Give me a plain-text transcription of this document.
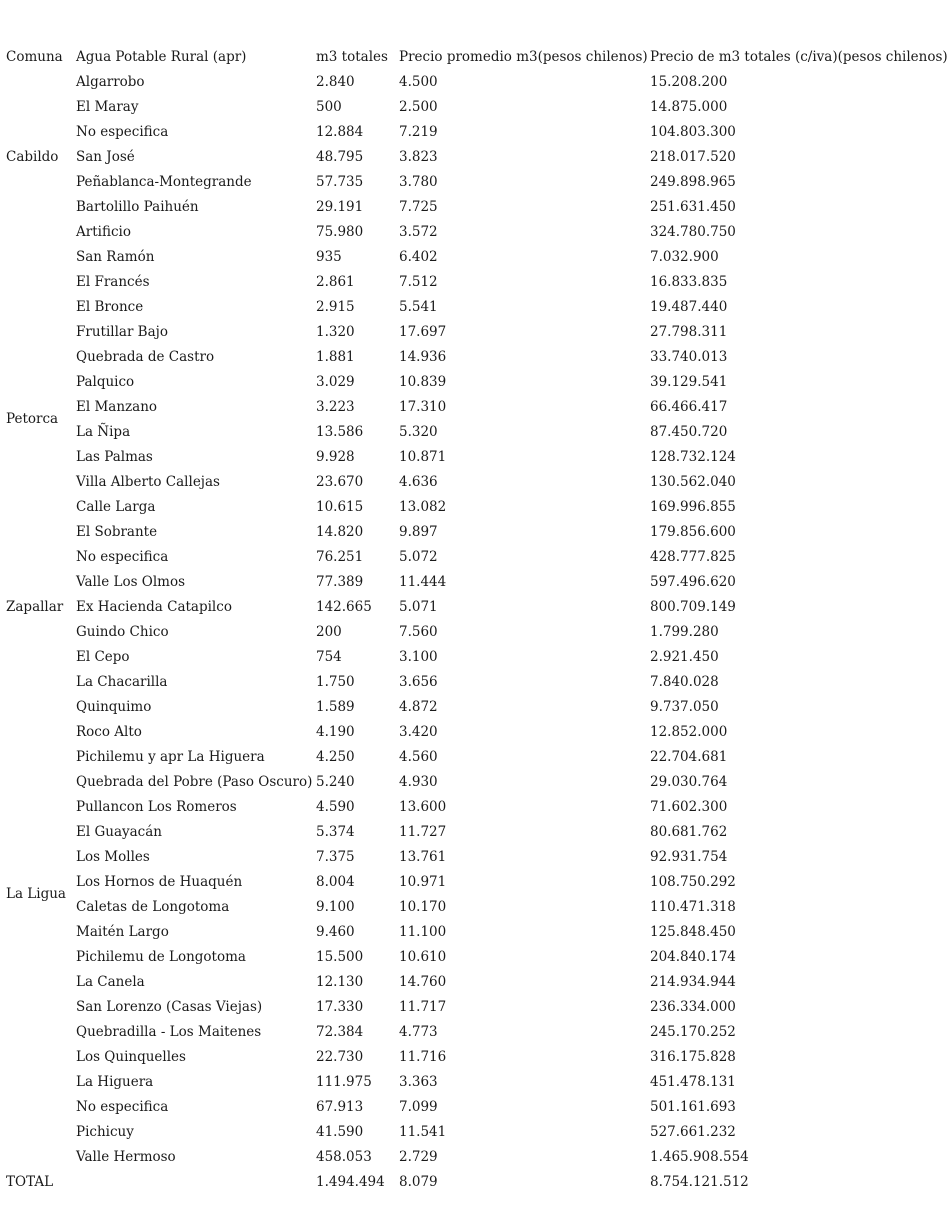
Comuna	Agua Potable Rural (apr)	m3 totales	Precio promedio m3(pesos chilenos)	Precio de m3 totales (c/iva)(pesos chilenos)
Cabildo	Algarrobo	2.840	4.500	15.208.200
	El Maray	500	2.500	14.875.000
	No especifica	12.884	7.219	104.803.300
	San José	48.795	3.823	218.017.520
	Peñablanca-Montegrande	57.735	3.780	249.898.965
	Bartolillo Paihuén	29.191	7.725	251.631.450
	Artificio	75.980	3.572	324.780.750
Petorca	San Ramón	935	6.402	7.032.900
	El Francés	2.861	7.512	16.833.835
	El Bronce	2.915	5.541	19.487.440
	Frutillar Bajo	1.320	17.697	27.798.311
	Quebrada de Castro	1.881	14.936	33.740.013
	Palquico	3.029	10.839	39.129.541
	El Manzano	3.223	17.310	66.466.417
	La Ñipa	13.586	5.320	87.450.720
	Las Palmas	9.928	10.871	128.732.124
	Villa Alberto Callejas	23.670	4.636	130.562.040
	Calle Larga	10.615	13.082	169.996.855
	El Sobrante	14.820	9.897	179.856.600
	No especifica	76.251	5.072	428.777.825
	Valle Los Olmos	77.389	11.444	597.496.620
Zapallar	Ex Hacienda Catapilco	142.665	5.071	800.709.149
La Ligua	Guindo Chico	200	7.560	1.799.280
	El Cepo	754	3.100	2.921.450
	La Chacarilla	1.750	3.656	7.840.028
	Quinquimo	1.589	4.872	9.737.050
	Roco Alto	4.190	3.420	12.852.000
	Pichilemu y apr La Higuera	4.250	4.560	22.704.681
	Quebrada del Pobre (Paso Oscuro)	5.240	4.930	29.030.764
	Pullancon Los Romeros	4.590	13.600	71.602.300
	El Guayacán	5.374	11.727	80.681.762
	Los Molles	7.375	13.761	92.931.754
	Los Hornos de Huaquén	8.004	10.971	108.750.292
	Caletas de Longotoma	9.100	10.170	110.471.318
	Maitén Largo	9.460	11.100	125.848.450
	Pichilemu de Longotoma	15.500	10.610	204.840.174
	La Canela	12.130	14.760	214.934.944
	San Lorenzo (Casas Viejas)	17.330	11.717	236.334.000
	Quebradilla - Los Maitenes	72.384	4.773	245.170.252
	Los Quinquelles	22.730	11.716	316.175.828
	La Higuera	111.975	3.363	451.478.131
	No especifica	67.913	7.099	501.161.693
	Pichicuy	41.590	11.541	527.661.232
	Valle Hermoso	458.053	2.729	1.465.908.554
TOTAL		1.494.494	8.079	8.754.121.512
